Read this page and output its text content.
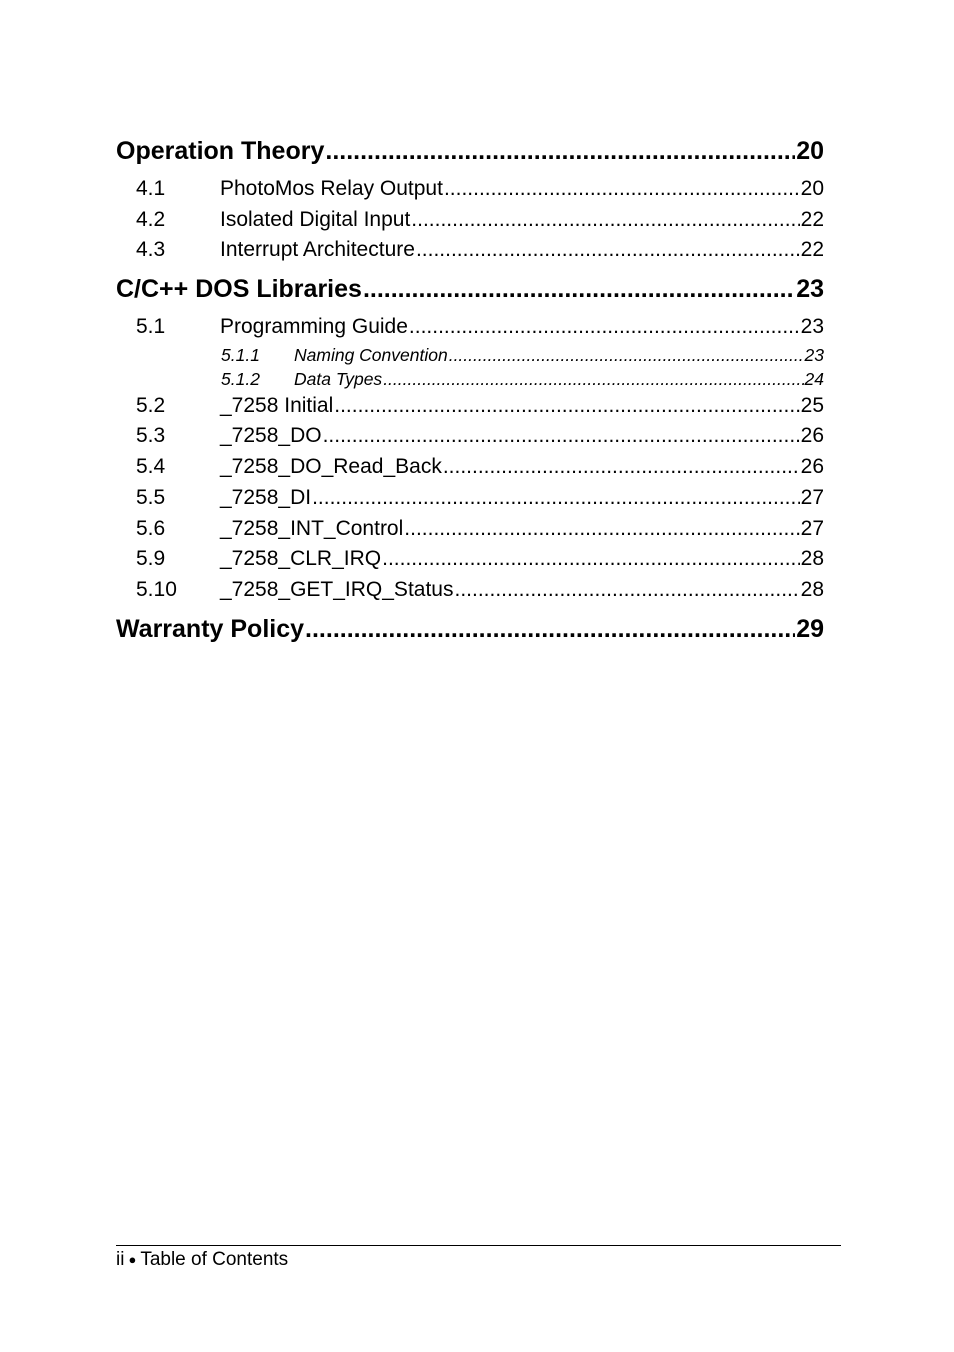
Operation Theory .....	20
4.1	PhotoMos Relay Output .....	20
4.2	Isolated Digital Input .....	22
4.3	Interrupt Architecture .....	22
C/C++ DOS Libraries .....	23
5.1	Programming Guide .....	23
5.1.1	Naming Convention .....	23
5.1.2	Data Types .....	24
5.2	_7258 Initial .....	25
5.3	_7258_DO .....	26
5.4	_7258_DO_Read_Back .....	26
5.5	_7258_DI .....	27
5.6	_7258_INT_Control .....	27
5.9	_7258_CLR_IRQ .....	28
5.10	_7258_GET_IRQ_Status .....	28
Warranty Policy .....	29
ii ● Table of Contents
